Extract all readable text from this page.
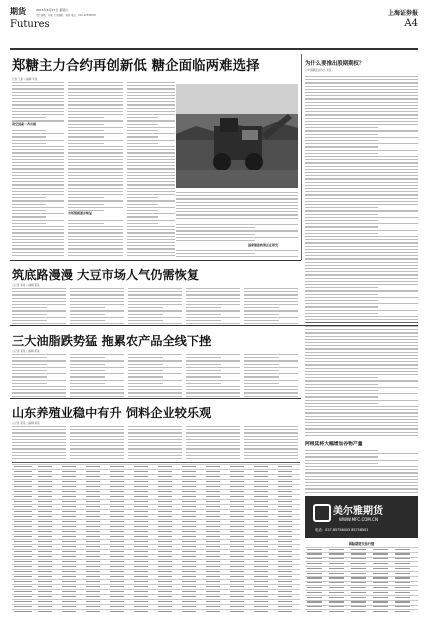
期货	2015年6月27日 星期六
责任编辑：刘某 美术编辑：某某 电话：010-12345678
Futures
上海证券报
A4
郑糖主力合约再创新低 糖企面临两难选择
记者 王某 ○编辑 李某
利空因素一齐出现
市场情绪逐步恢复
国家储备政策正在研究
为什么要推出股期期权？
○中国期货业协会 某某
筑底路漫漫 大豆市场人气仍需恢复
○记者 某某 ○编辑 某某
三大油脂跌势猛 拖累农产品全线下挫
○记者 某某 ○编辑 某某
阿根廷将大幅增加谷物产量
山东养殖业稳中有升 饲料企业较乐观
○记者 某某 ○编辑 某某
美尔雅期货
WWW.MFC.COM.CN
电话：027-85756003 85758502
国际期货交易行情
